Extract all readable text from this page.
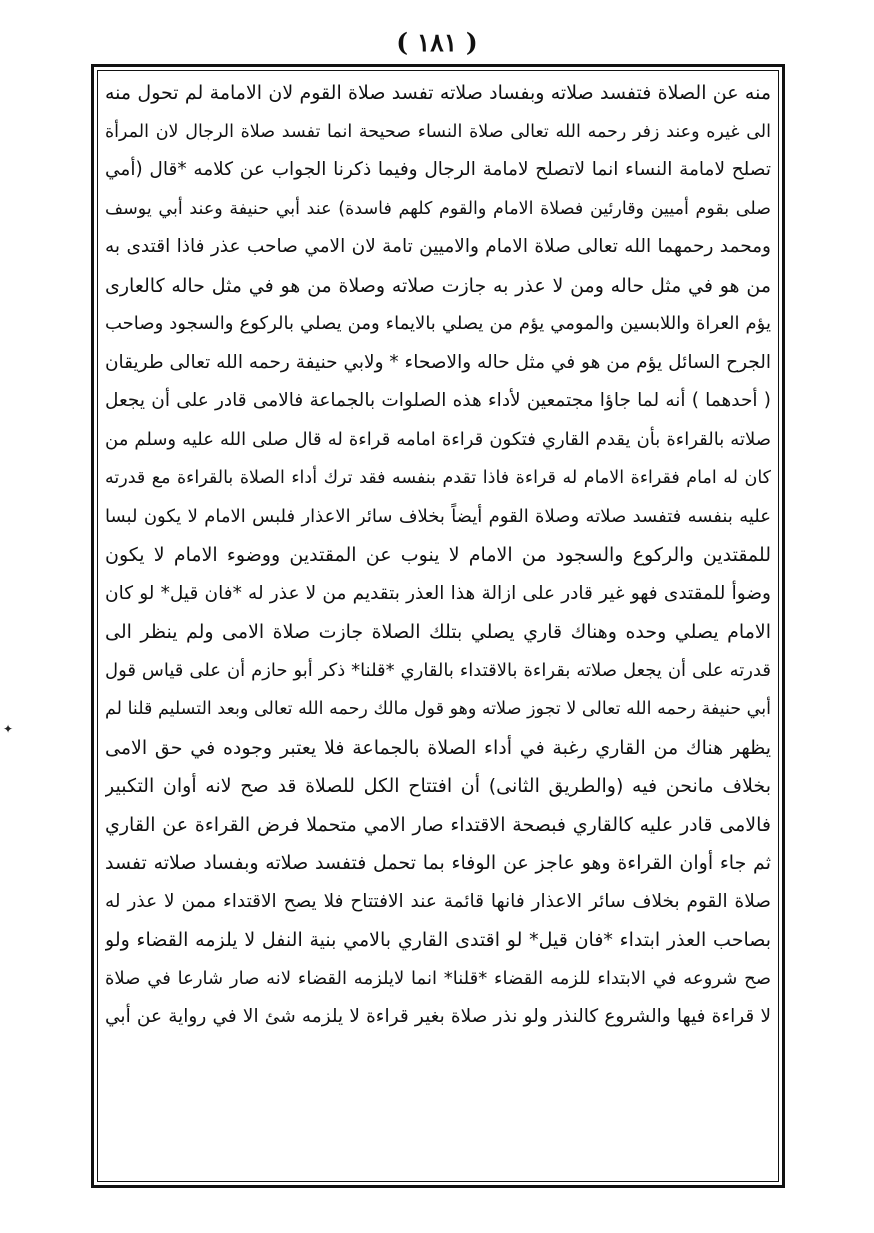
( ١٨١ )
✦
منه عن الصلاة فتفسد صلاته وبفساد صلاته تفسد صلاة القوم لان الامامة لم تحول منه
الى غيره وعند زفر رحمه الله تعالى صلاة النساء صحيحة انما تفسد صلاة الرجال لان المرأة
تصلح لامامة النساء انما لاتصلح لامامة الرجال وفيما ذكرنا الجواب عن كلامه *قال (أمي
صلى بقوم أميين وقارئين فصلاة الامام والقوم كلهم فاسدة) عند أبي حنيفة وعند أبي يوسف
ومحمد رحمهما الله تعالى صلاة الامام والاميين تامة لان الامي صاحب عذر فاذا اقتدى به
من هو في مثل حاله ومن لا عذر به جازت صلاته وصلاة من هو في مثل حاله كالعارى
يؤم العراة واللابسين والمومي يؤم من يصلي بالايماء ومن يصلي بالركوع والسجود وصاحب
الجرح السائل يؤم من هو في مثل حاله والاصحاء * ولابي حنيفة رحمه الله تعالى طريقان
( أحدهما ) أنه لما جاؤا مجتمعين لأداء هذه الصلوات بالجماعة فالامى قادر على أن يجعل
صلاته بالقراءة بأن يقدم القاري فتكون قراءة امامه قراءة له قال صلى الله عليه وسلم من
كان له امام فقراءة الامام له قراءة فاذا تقدم بنفسه فقد ترك أداء الصلاة بالقراءة مع قدرته
عليه بنفسه فتفسد صلاته وصلاة القوم أيضاً بخلاف سائر الاعذار فلبس الامام لا يكون لبسا
للمقتدين والركوع والسجود من الامام لا ينوب عن المقتدين ووضوء الامام لا يكون
وضوأ للمقتدى فهو غير قادر على ازالة هذا العذر بتقديم من لا عذر له *فان قيل* لو كان
الامام يصلي وحده وهناك قاري يصلي بتلك الصلاة جازت صلاة الامى ولم ينظر الى
قدرته على أن يجعل صلاته بقراءة بالاقتداء بالقاري *قلنا* ذكر أبو حازم أن على قياس قول
أبي حنيفة رحمه الله تعالى لا تجوز صلاته وهو قول مالك رحمه الله تعالى وبعد التسليم قلنا لم
يظهر هناك من القاري رغبة في أداء الصلاة بالجماعة فلا يعتبر وجوده في حق الامى
بخلاف مانحن فيه (والطريق الثانى) أن افتتاح الكل للصلاة قد صح لانه أوان التكبير
فالامى قادر عليه كالقاري فبصحة الاقتداء صار الامي متحملا فرض القراءة عن القاري
ثم جاء أوان القراءة وهو عاجز عن الوفاء بما تحمل فتفسد صلاته وبفساد صلاته تفسد
صلاة القوم بخلاف سائر الاعذار فانها قائمة عند الافتتاح فلا يصح الاقتداء ممن لا عذر له
بصاحب العذر ابتداء *فان قيل* لو اقتدى القاري بالامي بنية النفل لا يلزمه القضاء ولو
صح شروعه في الابتداء للزمه القضاء *قلنا* انما لايلزمه القضاء لانه صار شارعا في صلاة
لا قراءة فيها والشروع كالنذر ولو نذر صلاة بغير قراءة لا يلزمه شئ الا في رواية عن أبي
